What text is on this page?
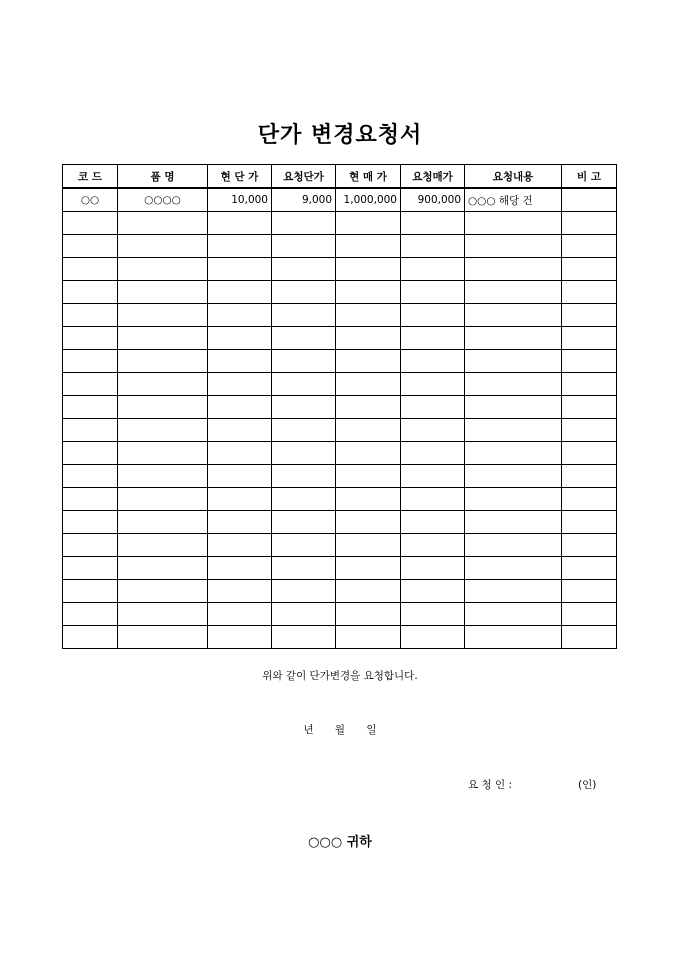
단가 변경요청서
코 드	품 명	현 단 가	요청단가	현 매 가	요청매가	요청내용	비 고
○○	○○○○	10,000	9,000	1,000,000	900,000	○○○ 해당 건	

위와 같이 단가변경을 요청합니다.
년 월 일
요 청 인 :	(인)
○○○ 귀하
